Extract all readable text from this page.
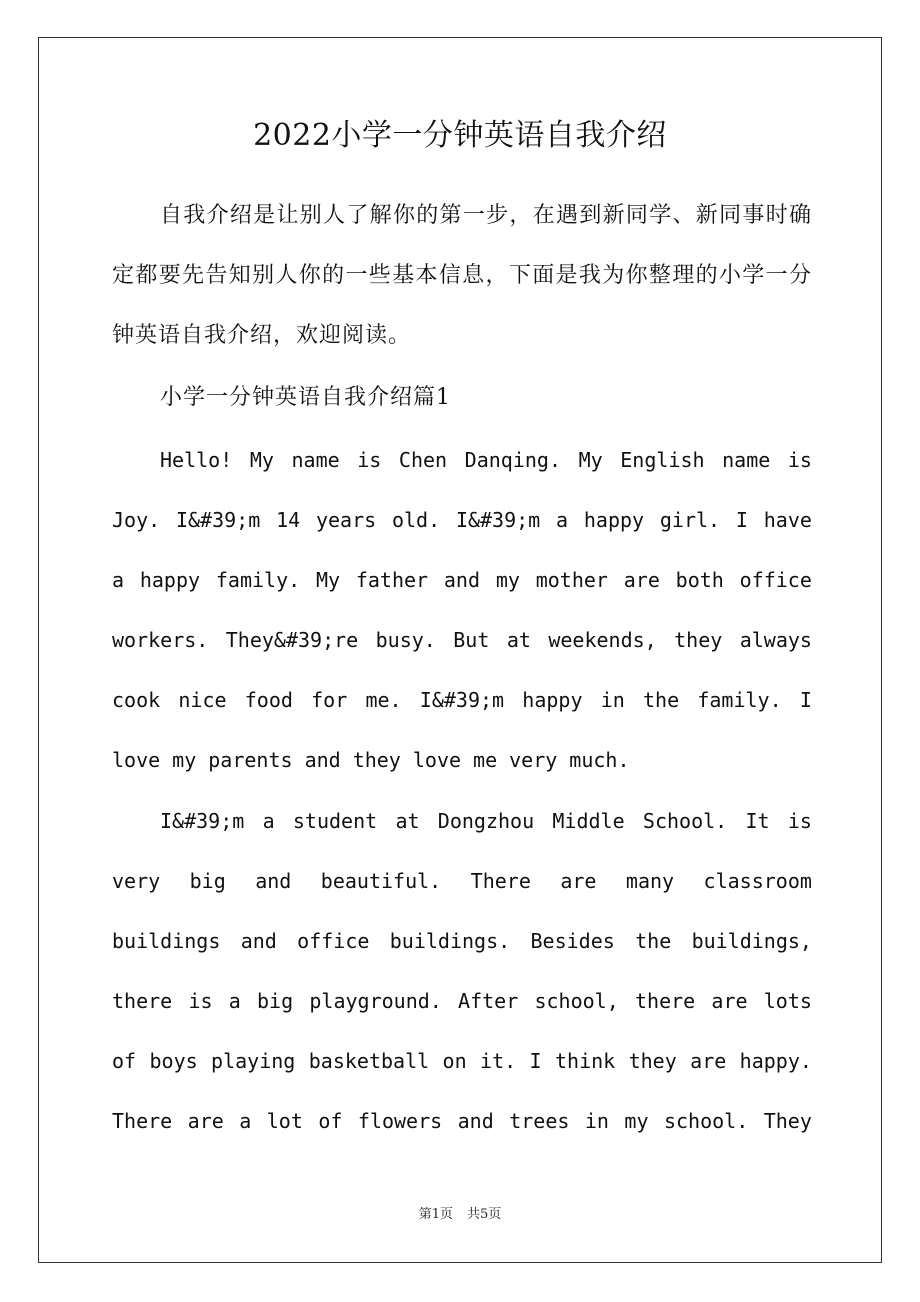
2022小学一分钟英语自我介绍
自我介绍是让别人了解你的第一步，在遇到新同学、新同事时确定都要先告知别人你的一些基本信息，下面是我为你整理的小学一分钟英语自我介绍，欢迎阅读。
小学一分钟英语自我介绍篇1
Hello! My name is Chen Danqing. My English name is
Joy. I&#39;m 14 years old. I&#39;m a happy girl. I have
a happy family. My father and my mother are both office
workers. They&#39;re busy. But at weekends, they always
cook nice food for me. I&#39;m happy in the family. I
love my parents and they love me very much.
I&#39;m a student at Dongzhou Middle School. It is
very big and beautiful. There are many classroom
buildings and office buildings. Besides the buildings,
there is a big playground. After school, there are lots
of boys playing basketball on it. I think they are happy.
There are a lot of flowers and trees in my school. They
第1页 共5页
